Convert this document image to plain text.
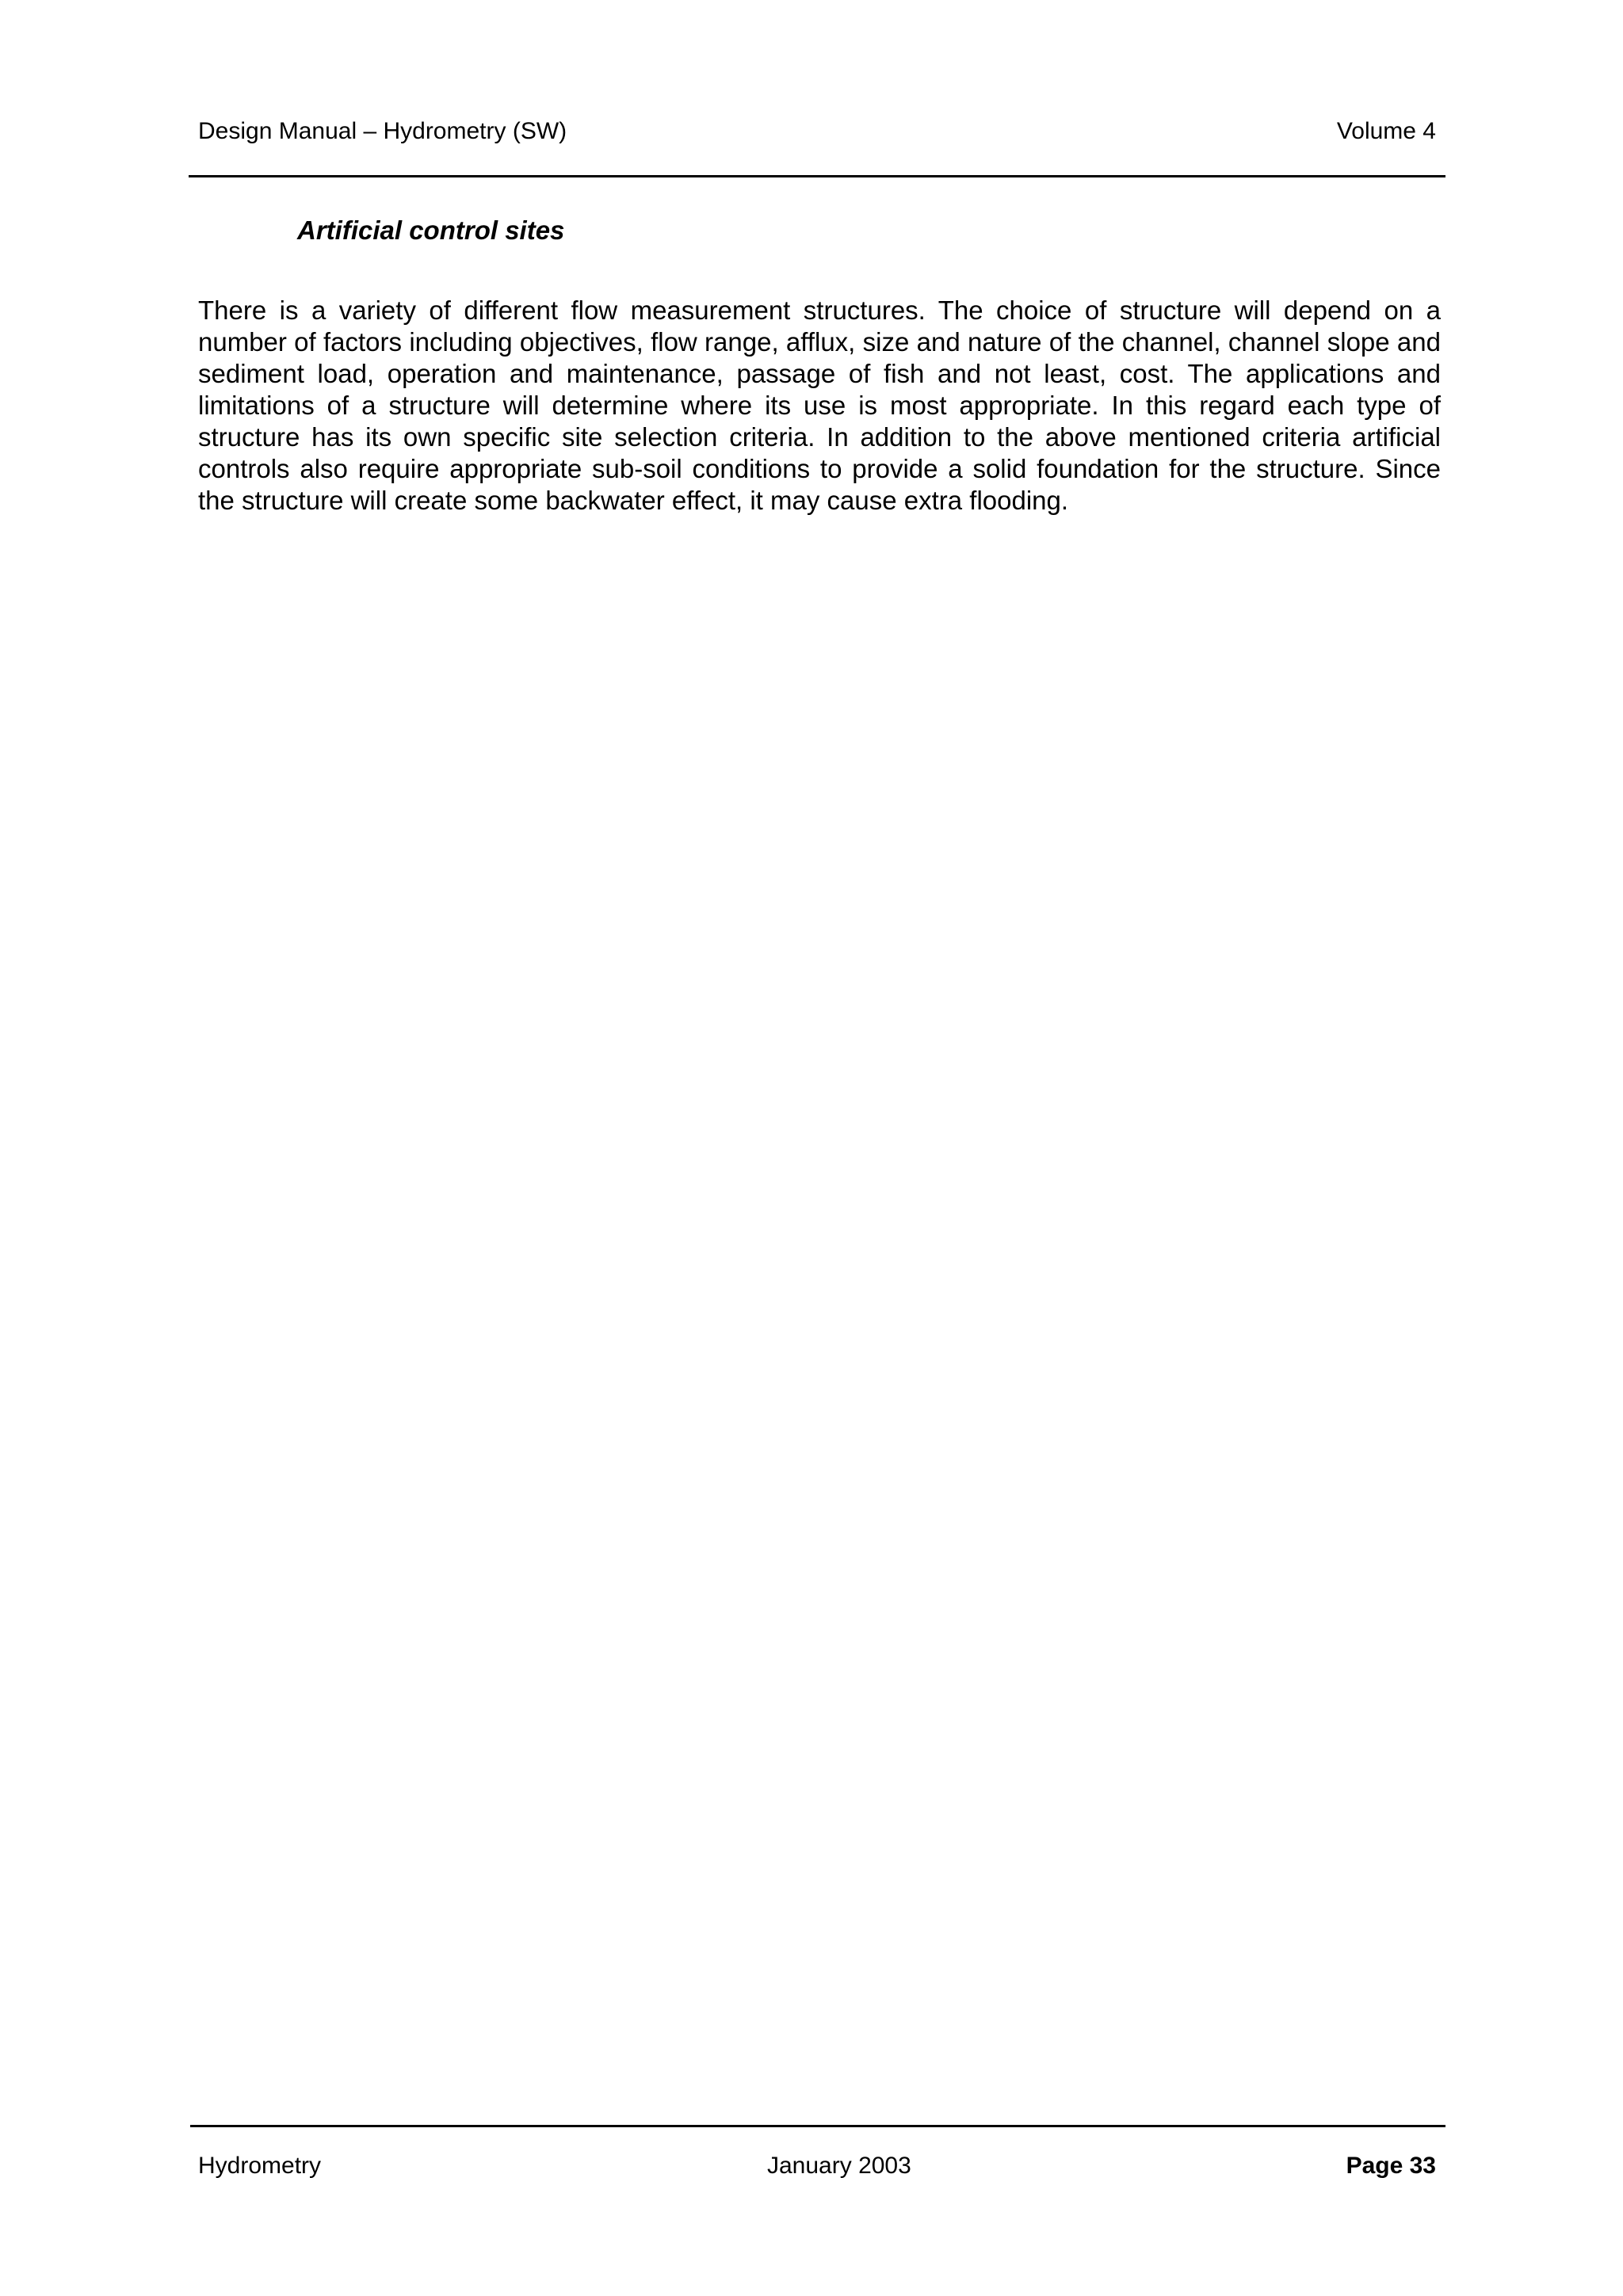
Design Manual – Hydrometry (SW)	Volume 4
Artificial control sites

There is a variety of different flow measurement structures. The choice of structure will depend on a number of factors including objectives, flow range, afflux, size and nature of the channel, channel slope and sediment load, operation and maintenance, passage of fish and not least, cost. The applications and limitations of a structure will determine where its use is most appropriate. In this regard each type of structure has its own specific site selection criteria. In addition to the above mentioned criteria artificial controls also require appropriate sub-soil conditions to provide a solid foundation for the structure. Since the structure will create some backwater effect, it may cause extra flooding.

Hydrometry	January 2003	Page 33
